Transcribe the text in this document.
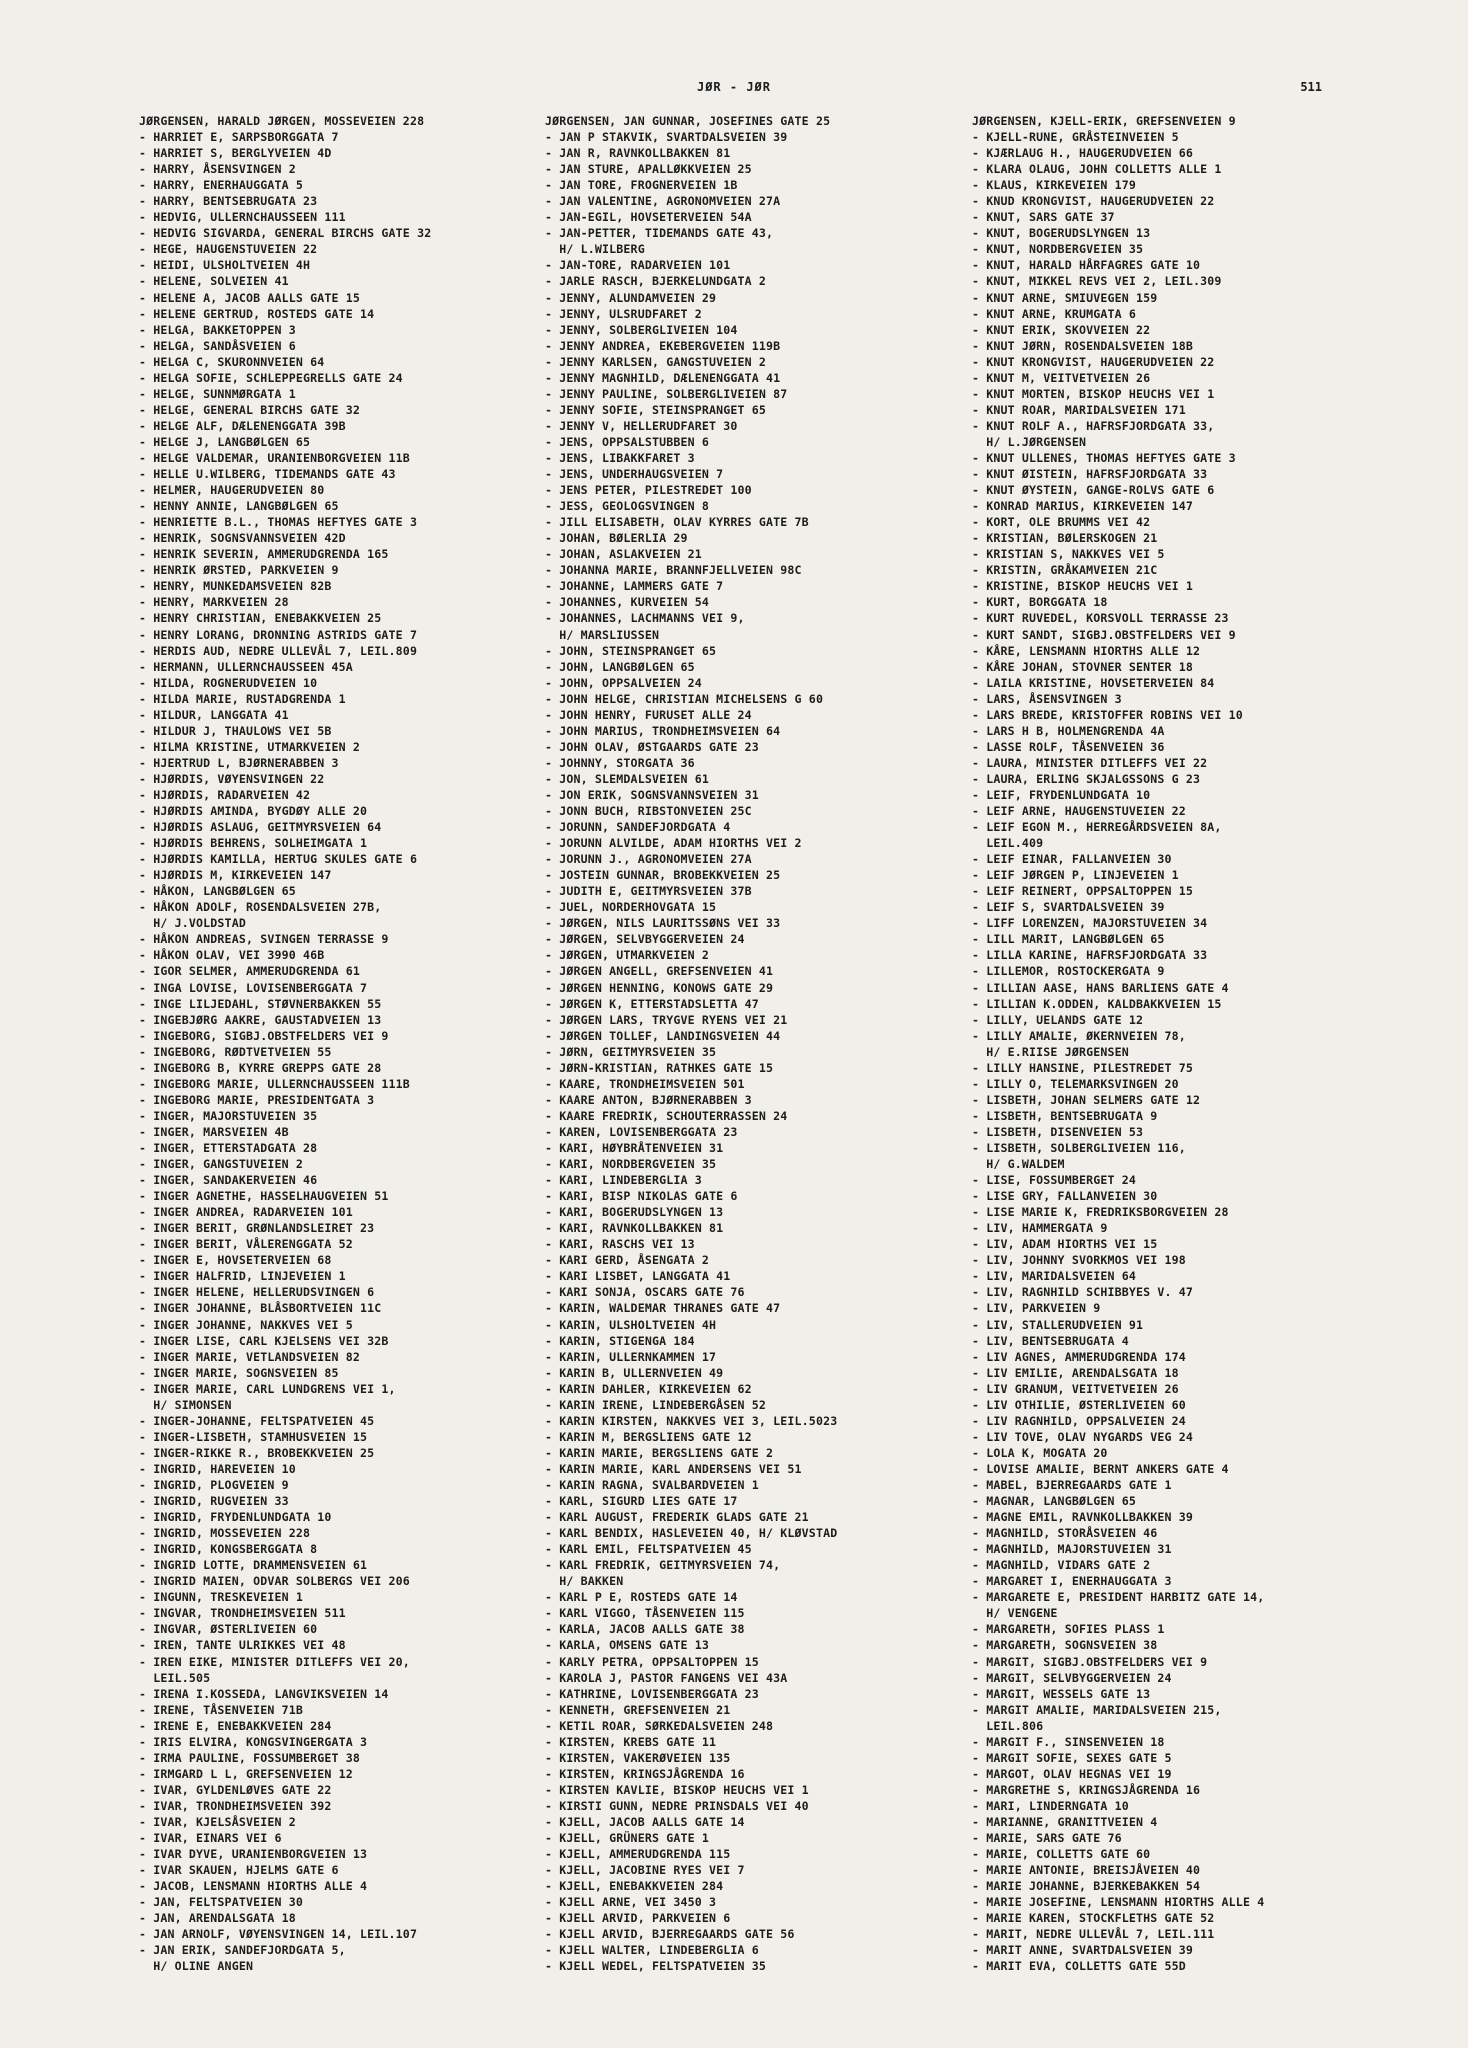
JØR - JØR	511
JØRGENSEN, HARALD JØRGEN, MOSSEVEIEN 228
- HARRIET E, SARPSBORGGATA 7
- HARRIET S, BERGLYVEIEN 4D
- HARRY, ÅSENSVINGEN 2
- HARRY, ENERHAUGGATA 5
- HARRY, BENTSEBRUGATA 23
- HEDVIG, ULLERNCHAUSSEEN 111
- HEDVIG SIGVARDA, GENERAL BIRCHS GATE 32
- HEGE, HAUGENSTUVEIEN 22
- HEIDI, ULSHOLTVEIEN 4H
- HELENE, SOLVEIEN 41
- HELENE A, JACOB AALLS GATE 15
- HELENE GERTRUD, ROSTEDS GATE 14
- HELGA, BAKKETOPPEN 3
- HELGA, SANDÅSVEIEN 6
- HELGA C, SKURONNVEIEN 64
- HELGA SOFIE, SCHLEPPEGRELLS GATE 24
- HELGE, SUNNMØRGATA 1
- HELGE, GENERAL BIRCHS GATE 32
- HELGE ALF, DÆLENENGGATA 39B
- HELGE J, LANGBØLGEN 65
- HELGE VALDEMAR, URANIENBORGVEIEN 11B
- HELLE U.WILBERG, TIDEMANDS GATE 43
- HELMER, HAUGERUDVEIEN 80
- HENNY ANNIE, LANGBØLGEN 65
- HENRIETTE B.L., THOMAS HEFTYES GATE 3
- HENRIK, SOGNSVANNSVEIEN 42D
- HENRIK SEVERIN, AMMERUDGRENDA 165
- HENRIK ØRSTED, PARKVEIEN 9
- HENRY, MUNKEDAMSVEIEN 82B
- HENRY, MARKVEIEN 28
- HENRY CHRISTIAN, ENEBAKKVEIEN 25
- HENRY LORANG, DRONNING ASTRIDS GATE 7
- HERDIS AUD, NEDRE ULLEVÅL 7, LEIL.809
- HERMANN, ULLERNCHAUSSEEN 45A
- HILDA, ROGNERUDVEIEN 10
- HILDA MARIE, RUSTADGRENDA 1
- HILDUR, LANGGATA 41
- HILDUR J, THAULOWS VEI 5B
- HILMA KRISTINE, UTMARKVEIEN 2
- HJERTRUD L, BJØRNERABBEN 3
- HJØRDIS, VØYENSVINGEN 22
- HJØRDIS, RADARVEIEN 42
- HJØRDIS AMINDA, BYGDØY ALLE 20
- HJØRDIS ASLAUG, GEITMYRSVEIEN 64
- HJØRDIS BEHRENS, SOLHEIMGATA 1
- HJØRDIS KAMILLA, HERTUG SKULES GATE 6
- HJØRDIS M, KIRKEVEIEN 147
- HÅKON, LANGBØLGEN 65
- HÅKON ADOLF, ROSENDALSVEIEN 27B,
H/ J.VOLDSTAD
- HÅKON ANDREAS, SVINGEN TERRASSE 9
- HÅKON OLAV, VEI 3990 46B
- IGOR SELMER, AMMERUDGRENDA 61
- INGA LOVISE, LOVISENBERGGATA 7
- INGE LILJEDAHL, STØVNERBAKKEN 55
- INGEBJØRG AAKRE, GAUSTADVEIEN 13
- INGEBORG, SIGBJ.OBSTFELDERS VEI 9
- INGEBORG, RØDTVETVEIEN 55
- INGEBORG B, KYRRE GREPPS GATE 28
- INGEBORG MARIE, ULLERNCHAUSSEEN 111B
- INGEBORG MARIE, PRESIDENTGATA 3
- INGER, MAJORSTUVEIEN 35
- INGER, MARSVEIEN 4B
- INGER, ETTERSTADGATA 28
- INGER, GANGSTUVEIEN 2
- INGER, SANDAKERVEIEN 46
- INGER AGNETHE, HASSELHAUGVEIEN 51
- INGER ANDREA, RADARVEIEN 101
- INGER BERIT, GRØNLANDSLEIRET 23
- INGER BERIT, VÅLERENGGATA 52
- INGER E, HOVSETERVEIEN 68
- INGER HALFRID, LINJEVEIEN 1
- INGER HELENE, HELLERUDSVINGEN 6
- INGER JOHANNE, BLÅSBORTVEIEN 11C
- INGER JOHANNE, NAKKVES VEI 5
- INGER LISE, CARL KJELSENS VEI 32B
- INGER MARIE, VETLANDSVEIEN 82
- INGER MARIE, SOGNSVEIEN 85
- INGER MARIE, CARL LUNDGRENS VEI 1,
H/ SIMONSEN
- INGER-JOHANNE, FELTSPATVEIEN 45
- INGER-LISBETH, STAMHUSVEIEN 15
- INGER-RIKKE R., BROBEKKVEIEN 25
- INGRID, HAREVEIEN 10
- INGRID, PLOGVEIEN 9
- INGRID, RUGVEIEN 33
- INGRID, FRYDENLUNDGATA 10
- INGRID, MOSSEVEIEN 228
- INGRID, KONGSBERGGATA 8
- INGRID LOTTE, DRAMMENSVEIEN 61
- INGRID MAIEN, ODVAR SOLBERGS VEI 206
- INGUNN, TRESKEVEIEN 1
- INGVAR, TRONDHEIMSVEIEN 511
- INGVAR, ØSTERLIVEIEN 60
- IREN, TANTE ULRIKKES VEI 48
- IREN EIKE, MINISTER DITLEFFS VEI 20,
LEIL.505
- IRENA I.KOSSEDA, LANGVIKSVEIEN 14
- IRENE, TÅSENVEIEN 71B
- IRENE E, ENEBAKKVEIEN 284
- IRIS ELVIRA, KONGSVINGERGATA 3
- IRMA PAULINE, FOSSUMBERGET 38
- IRMGARD L L, GREFSENVEIEN 12
- IVAR, GYLDENLØVES GATE 22
- IVAR, TRONDHEIMSVEIEN 392
- IVAR, KJELSÅSVEIEN 2
- IVAR, EINARS VEI 6
- IVAR DYVE, URANIENBORGVEIEN 13
- IVAR SKAUEN, HJELMS GATE 6
- JACOB, LENSMANN HIORTHS ALLE 4
- JAN, FELTSPATVEIEN 30
- JAN, ARENDALSGATA 18
- JAN ARNOLF, VØYENSVINGEN 14, LEIL.107
- JAN ERIK, SANDEFJORDGATA 5,
H/ OLINE ANGEN
JØRGENSEN, JAN GUNNAR, JOSEFINES GATE 25
- JAN P STAKVIK, SVARTDALSVEIEN 39
- JAN R, RAVNKOLLBAKKEN 81
- JAN STURE, APALLØKKVEIEN 25
- JAN TORE, FROGNERVEIEN 1B
- JAN VALENTINE, AGRONOMVEIEN 27A
- JAN-EGIL, HOVSETERVEIEN 54A
- JAN-PETTER, TIDEMANDS GATE 43,
H/ L.WILBERG
- JAN-TORE, RADARVEIEN 101
- JARLE RASCH, BJERKELUNDGATA 2
- JENNY, ALUNDAMVEIEN 29
- JENNY, ULSRUDFARET 2
- JENNY, SOLBERGLIVEIEN 104
- JENNY ANDREA, EKEBERGVEIEN 119B
- JENNY KARLSEN, GANGSTUVEIEN 2
- JENNY MAGNHILD, DÆLENENGGATA 41
- JENNY PAULINE, SOLBERGLIVEIEN 87
- JENNY SOFIE, STEINSPRANGET 65
- JENNY V, HELLERUDFARET 30
- JENS, OPPSALSTUBBEN 6
- JENS, LIBAKKFARET 3
- JENS, UNDERHAUGSVEIEN 7
- JENS PETER, PILESTREDET 100
- JESS, GEOLOGSVINGEN 8
- JILL ELISABETH, OLAV KYRRES GATE 7B
- JOHAN, BØLERLIA 29
- JOHAN, ASLAKVEIEN 21
- JOHANNA MARIE, BRANNFJELLVEIEN 98C
- JOHANNE, LAMMERS GATE 7
- JOHANNES, KURVEIEN 54
- JOHANNES, LACHMANNS VEI 9,
H/ MARSLIUSSEN
- JOHN, STEINSPRANGET 65
- JOHN, LANGBØLGEN 65
- JOHN, OPPSALVEIEN 24
- JOHN HELGE, CHRISTIAN MICHELSENS G 60
- JOHN HENRY, FURUSET ALLE 24
- JOHN MARIUS, TRONDHEIMSVEIEN 64
- JOHN OLAV, ØSTGAARDS GATE 23
- JOHNNY, STORGATA 36
- JON, SLEMDALSVEIEN 61
- JON ERIK, SOGNSVANNSVEIEN 31
- JONN BUCH, RIBSTONVEIEN 25C
- JORUNN, SANDEFJORDGATA 4
- JORUNN ALVILDE, ADAM HIORTHS VEI 2
- JORUNN J., AGRONOMVEIEN 27A
- JOSTEIN GUNNAR, BROBEKKVEIEN 25
- JUDITH E, GEITMYRSVEIEN 37B
- JUEL, NORDERHOVGATA 15
- JØRGEN, NILS LAURITSSØNS VEI 33
- JØRGEN, SELVBYGGERVEIEN 24
- JØRGEN, UTMARKVEIEN 2
- JØRGEN ANGELL, GREFSENVEIEN 41
- JØRGEN HENNING, KONOWS GATE 29
- JØRGEN K, ETTERSTADSLETTA 47
- JØRGEN LARS, TRYGVE RYENS VEI 21
- JØRGEN TOLLEF, LANDINGSVEIEN 44
- JØRN, GEITMYRSVEIEN 35
- JØRN-KRISTIAN, RATHKES GATE 15
- KAARE, TRONDHEIMSVEIEN 501
- KAARE ANTON, BJØRNERABBEN 3
- KAARE FREDRIK, SCHOUTERRASSEN 24
- KAREN, LOVISENBERGGATA 23
- KARI, HØYBRÅTENVEIEN 31
- KARI, NORDBERGVEIEN 35
- KARI, LINDEBERGLIA 3
- KARI, BISP NIKOLAS GATE 6
- KARI, BOGERUDSLYNGEN 13
- KARI, RAVNKOLLBAKKEN 81
- KARI, RASCHS VEI 13
- KARI GERD, ÅSENGATA 2
- KARI LISBET, LANGGATA 41
- KARI SONJA, OSCARS GATE 76
- KARIN, WALDEMAR THRANES GATE 47
- KARIN, ULSHOLTVEIEN 4H
- KARIN, STIGENGA 184
- KARIN, ULLERNKAMMEN 17
- KARIN B, ULLERNVEIEN 49
- KARIN DAHLER, KIRKEVEIEN 62
- KARIN IRENE, LINDEBERGÅSEN 52
- KARIN KIRSTEN, NAKKVES VEI 3, LEIL.5023
- KARIN M, BERGSLIENS GATE 12
- KARIN MARIE, BERGSLIENS GATE 2
- KARIN MARIE, KARL ANDERSENS VEI 51
- KARIN RAGNA, SVALBARDVEIEN 1
- KARL, SIGURD LIES GATE 17
- KARL AUGUST, FREDERIK GLADS GATE 21
- KARL BENDIX, HASLEVEIEN 40, H/ KLØVSTAD
- KARL EMIL, FELTSPATVEIEN 45
- KARL FREDRIK, GEITMYRSVEIEN 74,
H/ BAKKEN
- KARL P E, ROSTEDS GATE 14
- KARL VIGGO, TÅSENVEIEN 115
- KARLA, JACOB AALLS GATE 38
- KARLA, OMSENS GATE 13
- KARLY PETRA, OPPSALTOPPEN 15
- KAROLA J, PASTOR FANGENS VEI 43A
- KATHRINE, LOVISENBERGGATA 23
- KENNETH, GREFSENVEIEN 21
- KETIL ROAR, SØRKEDALSVEIEN 248
- KIRSTEN, KREBS GATE 11
- KIRSTEN, VAKERØVEIEN 135
- KIRSTEN, KRINGSJÅGRENDA 16
- KIRSTEN KAVLIE, BISKOP HEUCHS VEI 1
- KIRSTI GUNN, NEDRE PRINSDALS VEI 40
- KJELL, JACOB AALLS GATE 14
- KJELL, GRÜNERS GATE 1
- KJELL, AMMERUDGRENDA 115
- KJELL, JACOBINE RYES VEI 7
- KJELL, ENEBAKKVEIEN 284
- KJELL ARNE, VEI 3450 3
- KJELL ARVID, PARKVEIEN 6
- KJELL ARVID, BJERREGAARDS GATE 56
- KJELL WALTER, LINDEBERGLIA 6
- KJELL WEDEL, FELTSPATVEIEN 35
JØRGENSEN, KJELL-ERIK, GREFSENVEIEN 9
- KJELL-RUNE, GRÅSTEINVEIEN 5
- KJÆRLAUG H., HAUGERUDVEIEN 66
- KLARA OLAUG, JOHN COLLETTS ALLE 1
- KLAUS, KIRKEVEIEN 179
- KNUD KRONGVIST, HAUGERUDVEIEN 22
- KNUT, SARS GATE 37
- KNUT, BOGERUDSLYNGEN 13
- KNUT, NORDBERGVEIEN 35
- KNUT, HARALD HÅRFAGRES GATE 10
- KNUT, MIKKEL REVS VEI 2, LEIL.309
- KNUT ARNE, SMIUVEGEN 159
- KNUT ARNE, KRUMGATA 6
- KNUT ERIK, SKOVVEIEN 22
- KNUT JØRN, ROSENDALSVEIEN 18B
- KNUT KRONGVIST, HAUGERUDVEIEN 22
- KNUT M, VEITVETVEIEN 26
- KNUT MORTEN, BISKOP HEUCHS VEI 1
- KNUT ROAR, MARIDALSVEIEN 171
- KNUT ROLF A., HAFRSFJORDGATA 33,
H/ L.JØRGENSEN
- KNUT ULLENES, THOMAS HEFTYES GATE 3
- KNUT ØISTEIN, HAFRSFJORDGATA 33
- KNUT ØYSTEIN, GANGE-ROLVS GATE 6
- KONRAD MARIUS, KIRKEVEIEN 147
- KORT, OLE BRUMMS VEI 42
- KRISTIAN, BØLERSKOGEN 21
- KRISTIAN S, NAKKVES VEI 5
- KRISTIN, GRÅKAMVEIEN 21C
- KRISTINE, BISKOP HEUCHS VEI 1
- KURT, BORGGATA 18
- KURT RUVEDEL, KORSVOLL TERRASSE 23
- KURT SANDT, SIGBJ.OBSTFELDERS VEI 9
- KÅRE, LENSMANN HIORTHS ALLE 12
- KÅRE JOHAN, STOVNER SENTER 18
- LAILA KRISTINE, HOVSETERVEIEN 84
- LARS, ÅSENSVINGEN 3
- LARS BREDE, KRISTOFFER ROBINS VEI 10
- LARS H B, HOLMENGRENDA 4A
- LASSE ROLF, TÅSENVEIEN 36
- LAURA, MINISTER DITLEFFS VEI 22
- LAURA, ERLING SKJALGSSONS G 23
- LEIF, FRYDENLUNDGATA 10
- LEIF ARNE, HAUGENSTUVEIEN 22
- LEIF EGON M., HERREGÅRDSVEIEN 8A,
LEIL.409
- LEIF EINAR, FALLANVEIEN 30
- LEIF JØRGEN P, LINJEVEIEN 1
- LEIF REINERT, OPPSALTOPPEN 15
- LEIF S, SVARTDALSVEIEN 39
- LIFF LORENZEN, MAJORSTUVEIEN 34
- LILL MARIT, LANGBØLGEN 65
- LILLA KARINE, HAFRSFJORDGATA 33
- LILLEMOR, ROSTOCKERGATA 9
- LILLIAN AASE, HANS BARLIENS GATE 4
- LILLIAN K.ODDEN, KALDBAKKVEIEN 15
- LILLY, UELANDS GATE 12
- LILLY AMALIE, ØKERNVEIEN 78,
H/ E.RIISE JØRGENSEN
- LILLY HANSINE, PILESTREDET 75
- LILLY O, TELEMARKSVINGEN 20
- LISBETH, JOHAN SELMERS GATE 12
- LISBETH, BENTSEBRUGATA 9
- LISBETH, DISENVEIEN 53
- LISBETH, SOLBERGLIVEIEN 116,
H/ G.WALDEM
- LISE, FOSSUMBERGET 24
- LISE GRY, FALLANVEIEN 30
- LISE MARIE K, FREDRIKSBORGVEIEN 28
- LIV, HAMMERGATA 9
- LIV, ADAM HIORTHS VEI 15
- LIV, JOHNNY SVORKMOS VEI 198
- LIV, MARIDALSVEIEN 64
- LIV, RAGNHILD SCHIBBYES V. 47
- LIV, PARKVEIEN 9
- LIV, STALLERUDVEIEN 91
- LIV, BENTSEBRUGATA 4
- LIV AGNES, AMMERUDGRENDA 174
- LIV EMILIE, ARENDALSGATA 18
- LIV GRANUM, VEITVETVEIEN 26
- LIV OTHILIE, ØSTERLIVEIEN 60
- LIV RAGNHILD, OPPSALVEIEN 24
- LIV TOVE, OLAV NYGARDS VEG 24
- LOLA K, MOGATA 20
- LOVISE AMALIE, BERNT ANKERS GATE 4
- MABEL, BJERREGAARDS GATE 1
- MAGNAR, LANGBØLGEN 65
- MAGNE EMIL, RAVNKOLLBAKKEN 39
- MAGNHILD, STORÅSVEIEN 46
- MAGNHILD, MAJORSTUVEIEN 31
- MAGNHILD, VIDARS GATE 2
- MARGARET I, ENERHAUGGATA 3
- MARGARETE E, PRESIDENT HARBITZ GATE 14,
H/ VENGENE
- MARGARETH, SOFIES PLASS 1
- MARGARETH, SOGNSVEIEN 38
- MARGIT, SIGBJ.OBSTFELDERS VEI 9
- MARGIT, SELVBYGGERVEIEN 24
- MARGIT, WESSELS GATE 13
- MARGIT AMALIE, MARIDALSVEIEN 215,
LEIL.806
- MARGIT F., SINSENVEIEN 18
- MARGIT SOFIE, SEXES GATE 5
- MARGOT, OLAV HEGNAS VEI 19
- MARGRETHE S, KRINGSJÅGRENDA 16
- MARI, LINDERNGATA 10
- MARIANNE, GRANITTVEIEN 4
- MARIE, SARS GATE 76
- MARIE, COLLETTS GATE 60
- MARIE ANTONIE, BREISJÅVEIEN 40
- MARIE JOHANNE, BJERKEBAKKEN 54
- MARIE JOSEFINE, LENSMANN HIORTHS ALLE 4
- MARIE KAREN, STOCKFLETHS GATE 52
- MARIT, NEDRE ULLEVÅL 7, LEIL.111
- MARIT ANNE, SVARTDALSVEIEN 39
- MARIT EVA, COLLETTS GATE 55D
